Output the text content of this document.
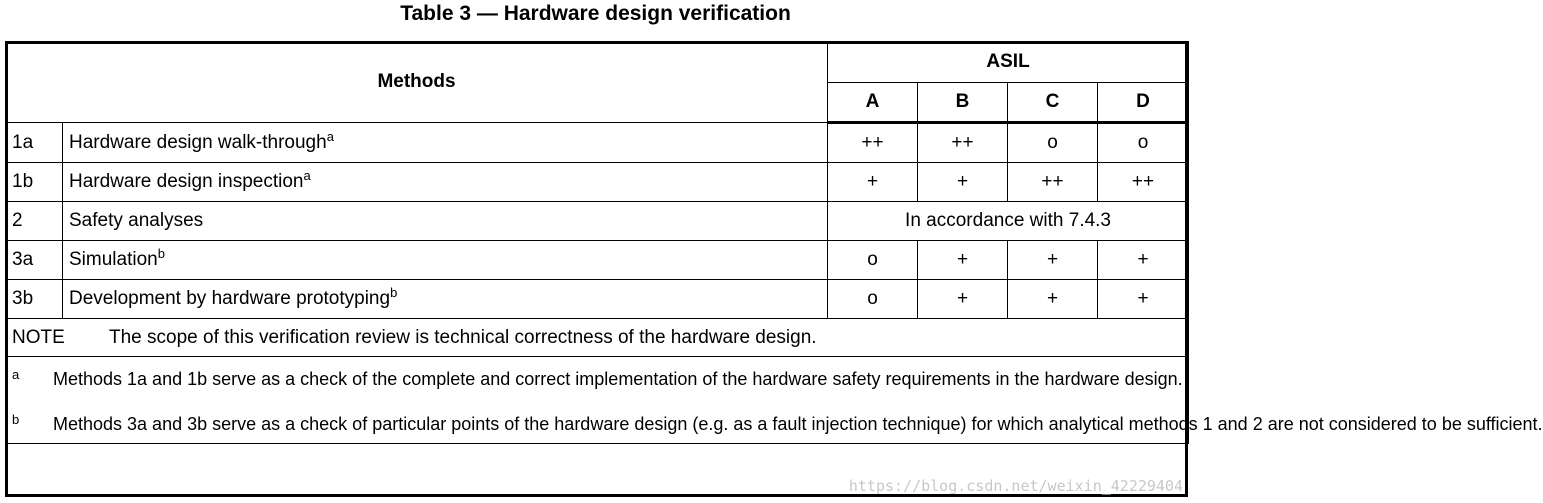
Table 3 — Hardware design verification
Methods		ASIL			
		A	B	C	D
1a	Hardware design walk-through$^a$	++	++	o	o
1b	Hardware design inspection$^a$	+	+	++	++
2	Safety analyses	In accordance with 7.4.3			
3a	Simulation$^b$	o	+	+	+
3b	Development by hardware prototyping$^b$	o	+	+	+
NOTE The scope of this verification review is technical correctness of the hardware design.					

a Methods 1a and 1b serve as a check of the complete and correct implementation of the hardware safety requirements in the hardware design.

b Methods 3a and 3b serve as a check of particular points of the hardware design (e.g. as a fault injection technique) for which analytical methods 1 and 2 are not considered to be sufficient.					

https://blog.csdn.net/weixin_42229404
